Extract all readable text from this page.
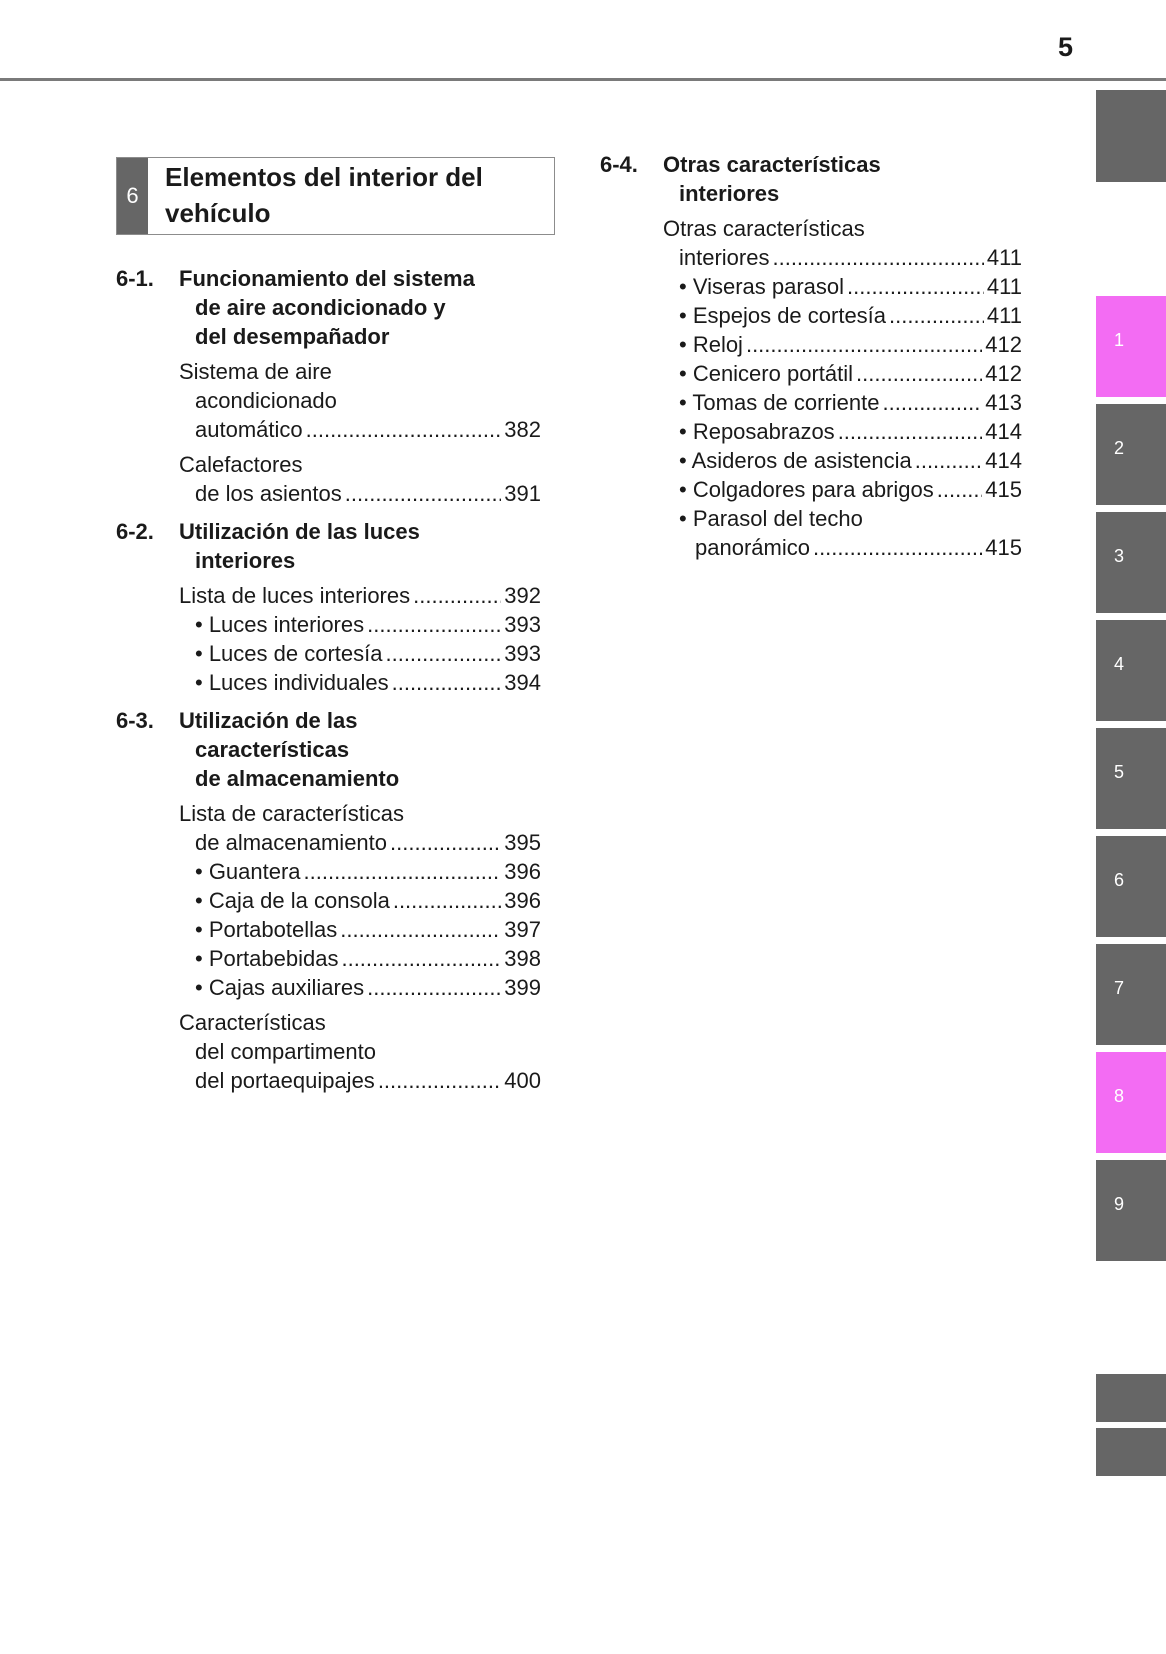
5
6
Elementos del interior del
vehículo
6-1. Funcionamiento del sistema
de aire acondicionado y
del desempañador
Sistema de aire
acondicionado
automático .....	382
Calefactores
de los asientos .....	391
6-2. Utilización de las luces
interiores
Lista de luces interiores .....	392
• Luces interiores .....	393
• Luces de cortesía .....	393
• Luces individuales .....	394
6-3. Utilización de las
características
de almacenamiento
Lista de características
de almacenamiento .....	395
• Guantera .....	396
• Caja de la consola .....	396
• Portabotellas .....	397
• Portabebidas .....	398
• Cajas auxiliares .....	399
Características
del compartimento
del portaequipajes .....	400
6-4. Otras características
interiores
Otras características
interiores .....	411
• Viseras parasol .....	411
• Espejos de cortesía .....	411
• Reloj .....	412
• Cenicero portátil .....	412
• Tomas de corriente .....	413
• Reposabrazos .....	414
• Asideros de asistencia .....	414
• Colgadores para abrigos ..... 415
• Parasol del techo
panorámico .....	415
1
2
3
4
5
6
7
8
9
